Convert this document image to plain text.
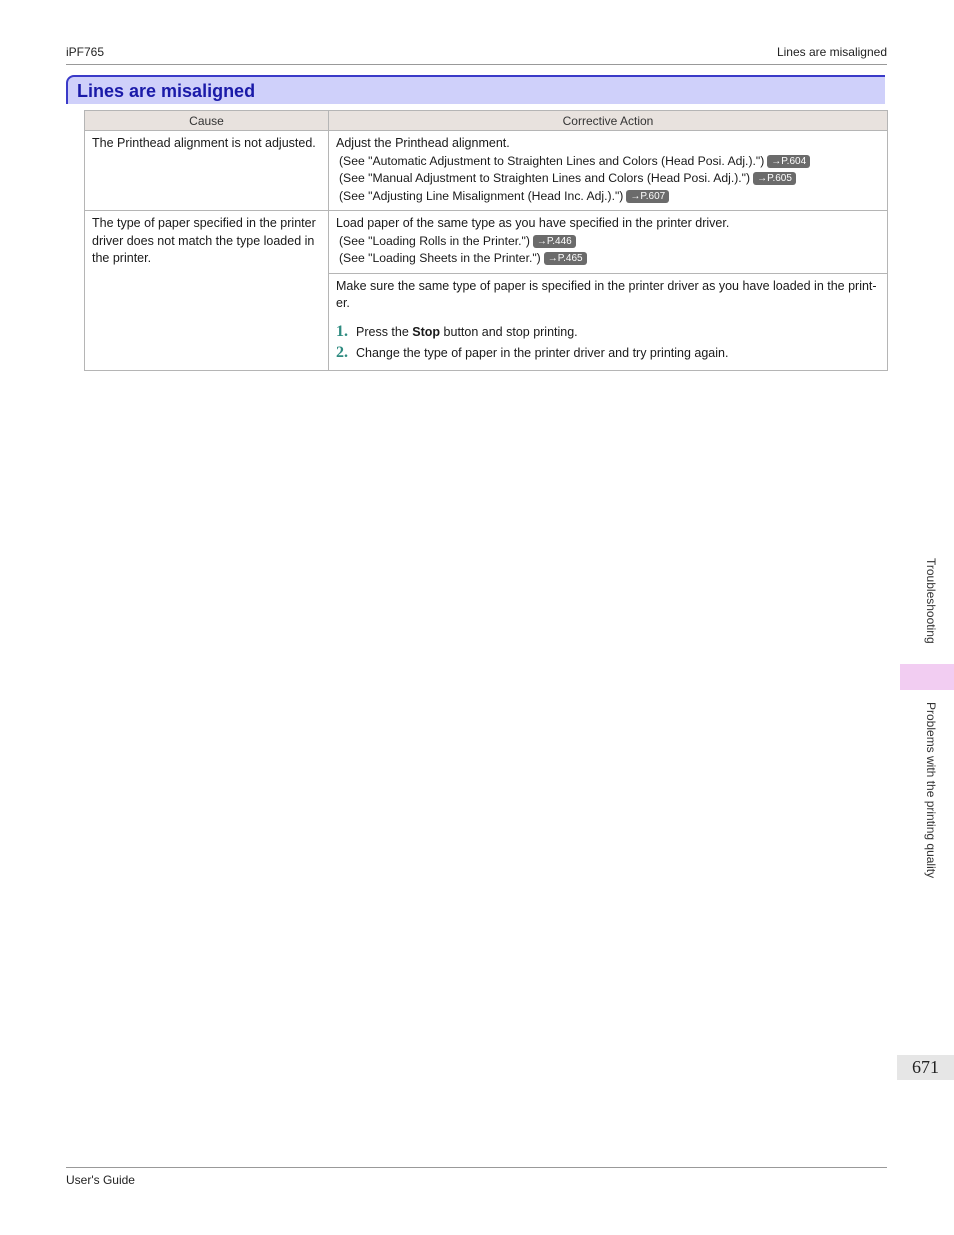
iPF765	Lines are misaligned
Lines are misaligned
Cause	Corrective Action
The Printhead alignment is not adjusted.	Adjust the Printhead alignment.
(See "Automatic Adjustment to Straighten Lines and Colors (Head Posi. Adj.).") →P.604
(See "Manual Adjustment to Straighten Lines and Colors (Head Posi. Adj.).") →P.605
(See "Adjusting Line Misalignment (Head Inc. Adj.).") →P.607

The type of paper specified in the printer driver does not match the type loaded in the printer.	Load paper of the same type as you have specified in the printer driver.
(See "Loading Rolls in the Printer.") →P.446
(See "Loading Sheets in the Printer.") →P.465

	Make sure the same type of paper is specified in the printer driver as you have loaded in the print-er.
1. Press the Stop button and stop printing.
2. Change the type of paper in the printer driver and try printing again.
Troubleshooting
Problems with the printing quality
671
User's Guide
